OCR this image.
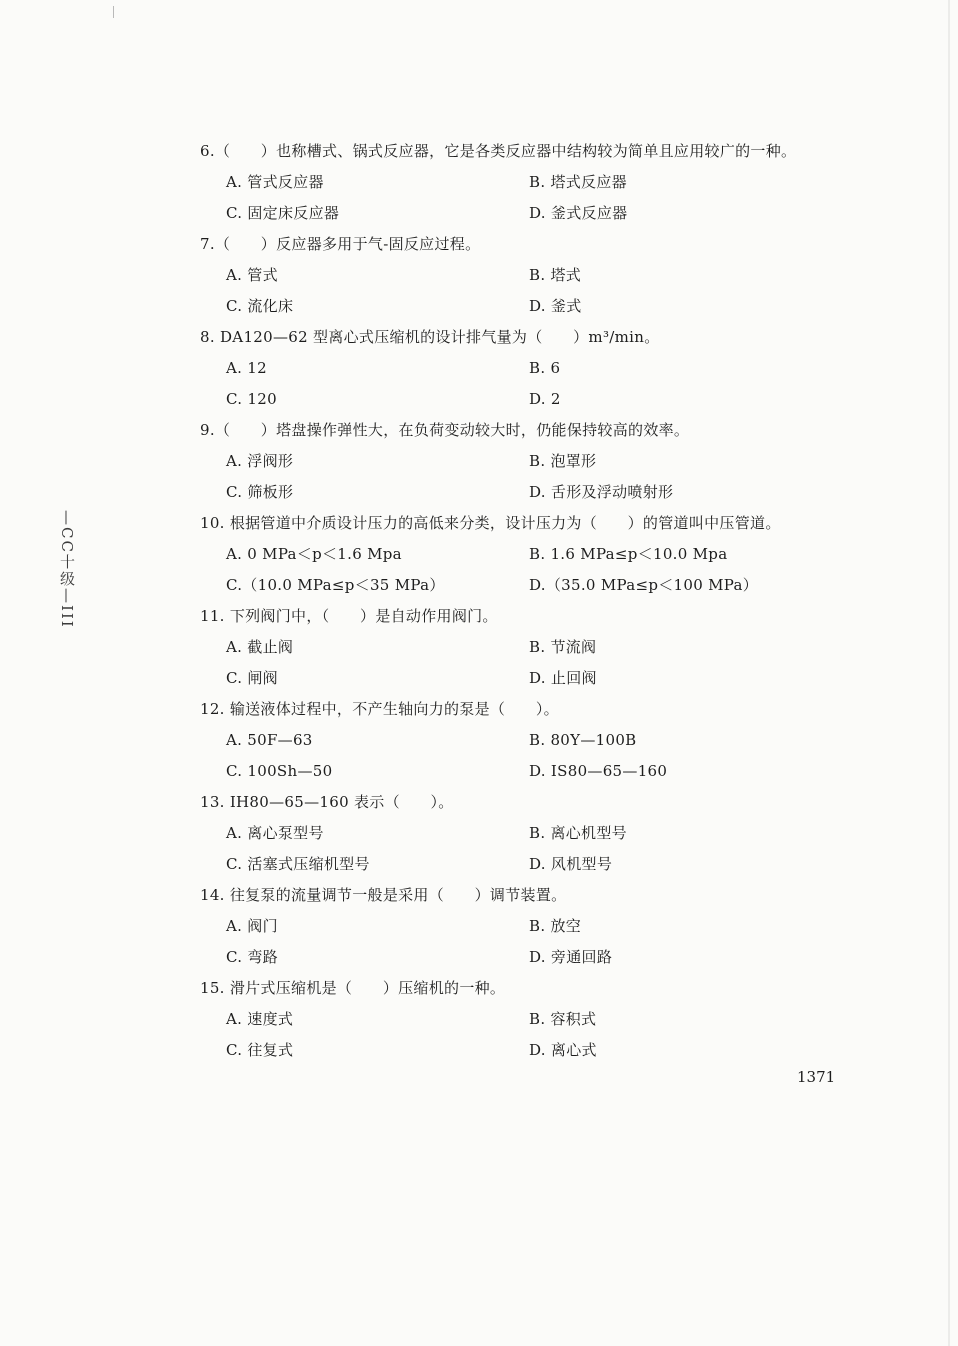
—CC十级—III
6.（　　）也称槽式、锅式反应器，它是各类反应器中结构较为简单且应用较广的一种。
A. 管式反应器	B. 塔式反应器
C. 固定床反应器	D. 釜式反应器
7.（　　）反应器多用于气-固反应过程。
A. 管式	B. 塔式
C. 流化床	D. 釜式
8. DA120—62 型离心式压缩机的设计排气量为（　　）m³/min。
A. 12	B. 6
C. 120	D. 2
9.（　　）塔盘操作弹性大，在负荷变动较大时，仍能保持较高的效率。
A. 浮阀形	B. 泡罩形
C. 筛板形	D. 舌形及浮动喷射形
10. 根据管道中介质设计压力的高低来分类，设计压力为（　　）的管道叫中压管道。
A. 0 MPa＜p＜1.6 Mpa	B. 1.6 MPa≤p＜10.0 Mpa
C.（10.0 MPa≤p＜35 MPa）	D.（35.0 MPa≤p＜100 MPa）
11. 下列阀门中，（　　）是自动作用阀门。
A. 截止阀	B. 节流阀
C. 闸阀	D. 止回阀
12. 输送液体过程中，不产生轴向力的泵是（　　）。
A. 50F—63	B. 80Y—100B
C. 100Sh—50	D. IS80—65—160
13. IH80—65—160 表示（　　）。
A. 离心泵型号	B. 离心机型号
C. 活塞式压缩机型号	D. 风机型号
14. 往复泵的流量调节一般是采用（　　）调节装置。
A. 阀门	B. 放空
C. 弯路	D. 旁通回路
15. 滑片式压缩机是（　　）压缩机的一种。
A. 速度式	B. 容积式
C. 往复式	D. 离心式
1371
